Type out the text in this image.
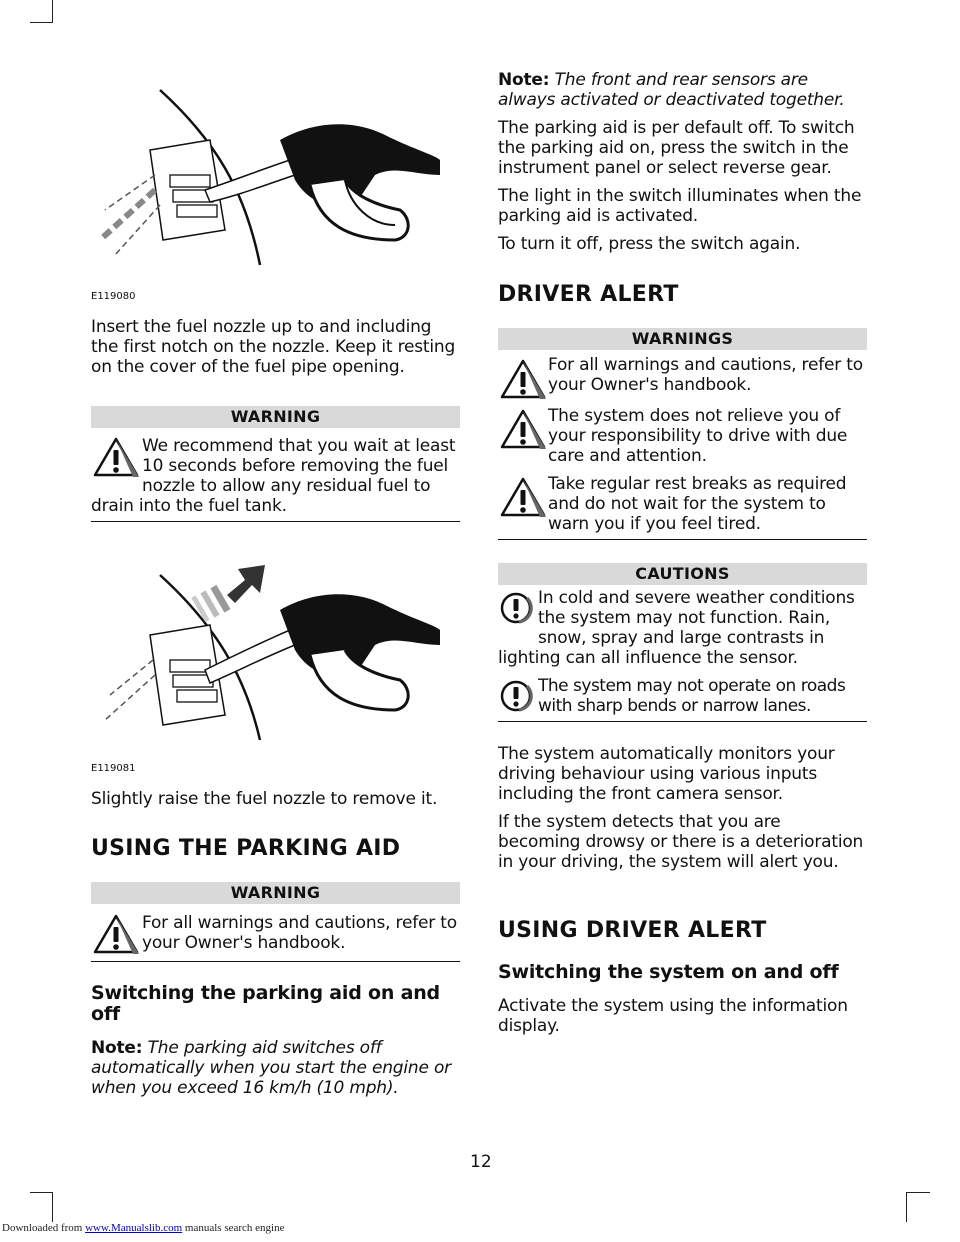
E119080

Insert the fuel nozzle up to and including the first notch on the nozzle. Keep it resting on the cover of the fuel pipe opening.

WARNING

We recommend that you wait at least 10 seconds before removing the fuel nozzle to allow any residual fuel to drain into the fuel tank.

E119081

Slightly raise the fuel nozzle to remove it.

USING THE PARKING AID
WARNING

For all warnings and cautions, refer to your Owner's handbook.

Switching the parking aid on and off

Note: The parking aid switches off automatically when you start the engine or when you exceed 16 km/h (10 mph).

Note: The front and rear sensors are always activated or deactivated together.

The parking aid is per default off. To switch the parking aid on, press the switch in the instrument panel or select reverse gear.

The light in the switch illuminates when the parking aid is activated.

To turn it off, press the switch again.

DRIVER ALERT
WARNINGS

For all warnings and cautions, refer to your Owner's handbook.

The system does not relieve you of your responsibility to drive with due care and attention.

Take regular rest breaks as required and do not wait for the system to warn you if you feel tired.

CAUTIONS

In cold and severe weather conditions the system may not function. Rain, snow, spray and large contrasts in lighting can all influence the sensor.

The system may not operate on roads with sharp bends or narrow lanes.

The system automatically monitors your driving behaviour using various inputs including the front camera sensor.

If the system detects that you are becoming drowsy or there is a deterioration in your driving, the system will alert you.

USING DRIVER ALERT
Switching the system on and off

Activate the system using the information display.

12
Downloaded from www.Manualslib.com manuals search engine
